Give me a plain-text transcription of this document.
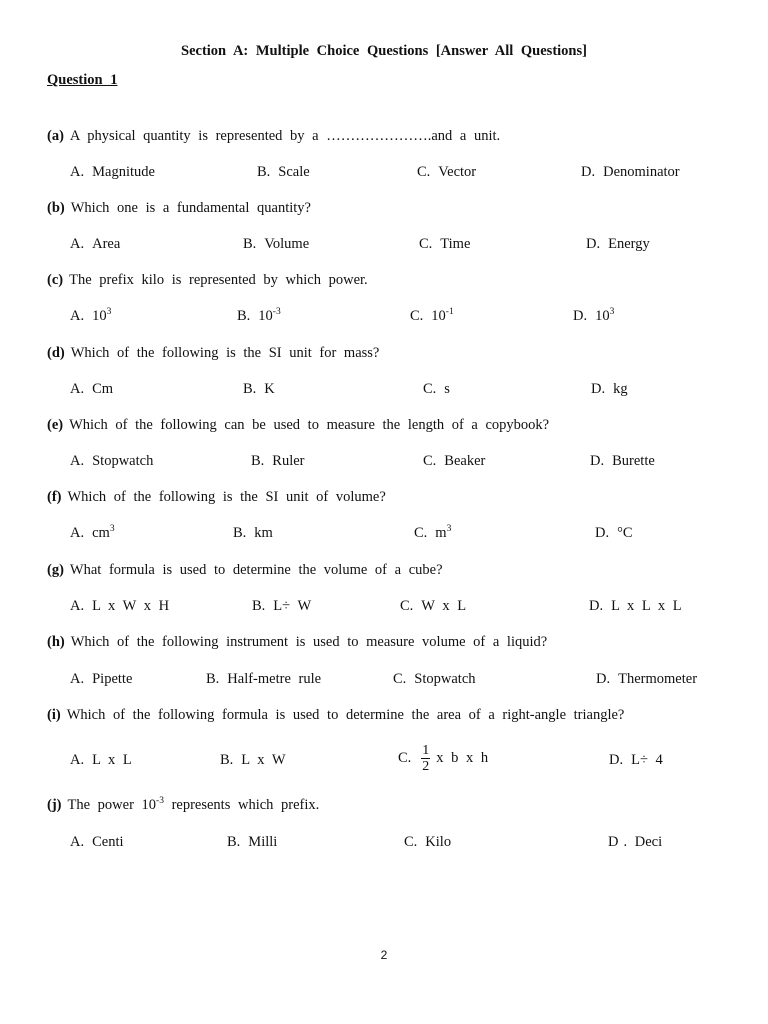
Section A: Multiple Choice Questions [Answer All Questions]
Question 1
(a) A physical quantity is represented by a ………………….and a unit.
A. Magnitude	B. Scale	C. Vector	D. Denominator
(b) Which one is a fundamental quantity?
A. Area	B. Volume	C. Time	D. Energy
(c) The prefix kilo is represented by which power.
A. $10^3$	B. $10^{-3}$	C. $10^{-1}$	D. $10^3$
(d) Which of the following is the SI unit for mass?
A. Cm	B. K	C. s	D. kg
(e) Which of the following can be used to measure the length of a copybook?
A. Stopwatch	B. Ruler	C. Beaker	D. Burette
(f) Which of the following is the SI unit of volume?
A. $cm^3$	B. km	C. $m^3$	D. °C
(g) What formula is used to determine the volume of a cube?
A. L x W x H	B. L÷ W	C. W x L	D. L x L x L
(h) Which of the following instrument is used to measure volume of a liquid?
A. Pipette	B. Half-metre rule	C. Stopwatch	D. Thermometer
(i) Which of the following formula is used to determine the area of a right-angle triangle?
A. L x L	B. L x W	C. $\frac{1}{2}$ x b x h	D. L÷ 4
(j) The power $10^{-3}$ represents which prefix.
A. Centi	B. Milli	C. Kilo	D . Deci
2
